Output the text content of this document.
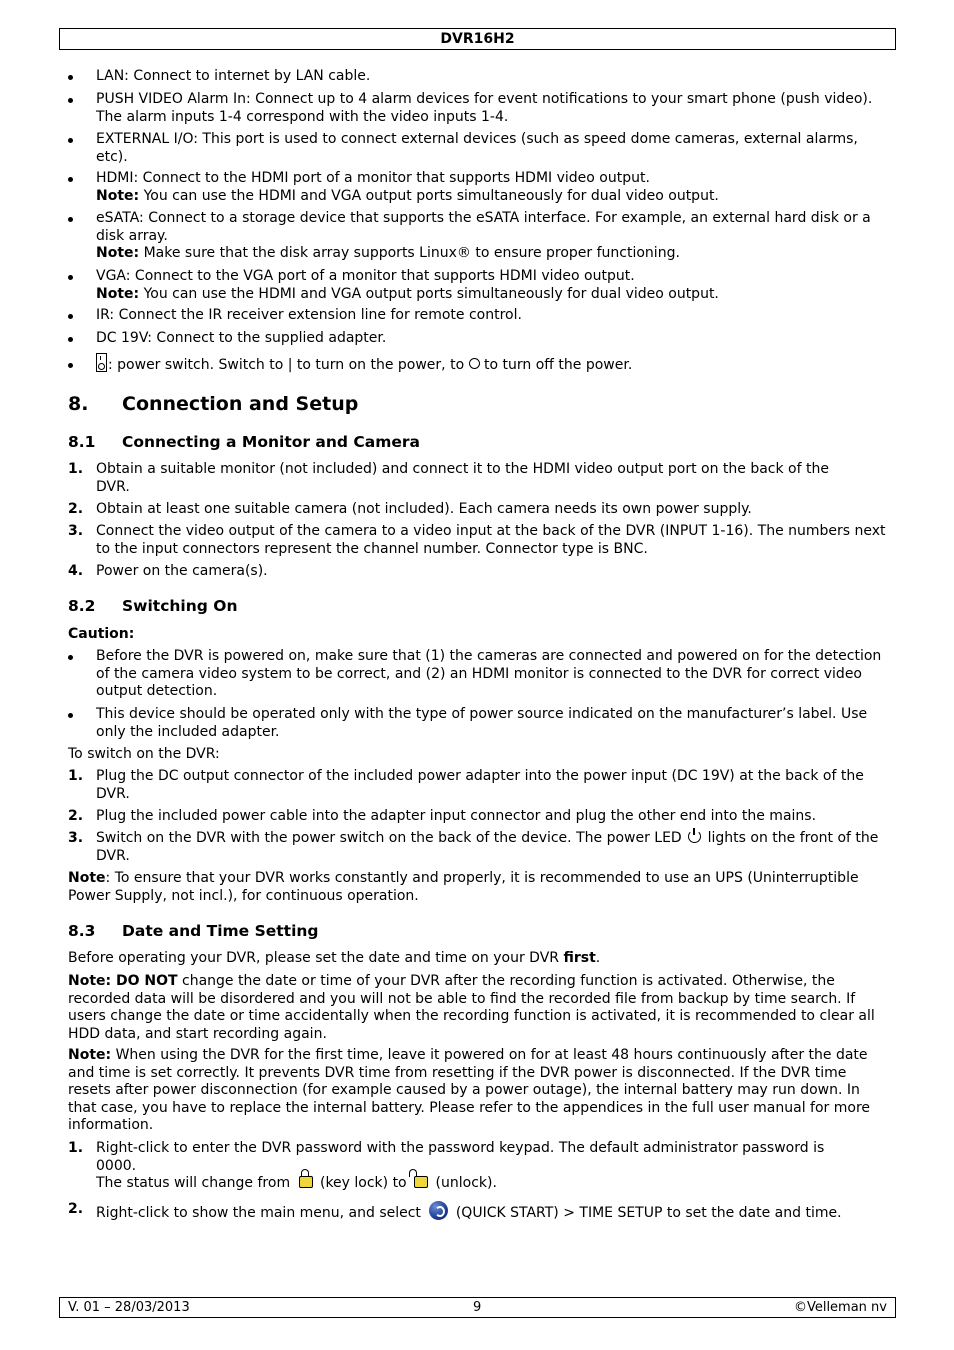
DVR16H2
LAN: Connect to internet by LAN cable.
PUSH VIDEO Alarm In: Connect up to 4 alarm devices for event notifications to your smart phone (push video). The alarm inputs 1-4 correspond with the video inputs 1-4.
EXTERNAL I/O: This port is used to connect external devices (such as speed dome cameras, external alarms, etc).
HDMI: Connect to the HDMI port of a monitor that supports HDMI video output.
Note: You can use the HDMI and VGA output ports simultaneously for dual video output.
eSATA: Connect to a storage device that supports the eSATA interface. For example, an external hard disk or a disk array.
Note: Make sure that the disk array supports Linux® to ensure proper functioning.
VGA: Connect to the VGA port of a monitor that supports HDMI video output.
Note: You can use the HDMI and VGA output ports simultaneously for dual video output.
IR: Connect the IR receiver extension line for remote control.
DC 19V: Connect to the supplied adapter.
: power switch. Switch to | to turn on the power, to  to turn off the power.
8. Connection and Setup
8.1 Connecting a Monitor and Camera
1. Obtain a suitable monitor (not included) and connect it to the HDMI video output port on the back of the DVR.
2. Obtain at least one suitable camera (not included). Each camera needs its own power supply.
3. Connect the video output of the camera to a video input at the back of the DVR (INPUT 1-16). The numbers next to the input connectors represent the channel number. Connector type is BNC.
4. Power on the camera(s).
8.2 Switching On
Caution:
Before the DVR is powered on, make sure that (1) the cameras are connected and powered on for the detection of the camera video system to be correct, and (2) an HDMI monitor is connected to the DVR for correct video output detection.
This device should be operated only with the type of power source indicated on the manufacturer’s label. Use only the included adapter.
To switch on the DVR:
1. Plug the DC output connector of the included power adapter into the power input (DC 19V) at the back of the DVR.
2. Plug the included power cable into the adapter input connector and plug the other end into the mains.
3. Switch on the DVR with the power switch on the back of the device. The power LED  lights on the front of the DVR.
Note: To ensure that your DVR works constantly and properly, it is recommended to use an UPS (Uninterruptible Power Supply, not incl.), for continuous operation.
8.3 Date and Time Setting
Before operating your DVR, please set the date and time on your DVR first.
Note: DO NOT change the date or time of your DVR after the recording function is activated. Otherwise, the recorded data will be disordered and you will not be able to find the recorded file from backup by time search. If users change the date or time accidentally when the recording function is activated, it is recommended to clear all HDD data, and start recording again.
Note: When using the DVR for the first time, leave it powered on for at least 48 hours continuously after the date and time is set correctly. It prevents DVR time from resetting if the DVR power is disconnected. If the DVR time resets after power disconnection (for example caused by a power outage), the internal battery may run down. In that case, you have to replace the internal battery. Please refer to the appendices in the full user manual for more information.
1. Right-click to enter the DVR password with the password keypad. The default administrator password is 0000.
The status will change from  (key lock) to  (unlock).
2. Right-click to show the main menu, and select  (QUICK START) > TIME SETUP to set the date and time.
V. 01 – 28/03/2013	9	©Velleman nv
